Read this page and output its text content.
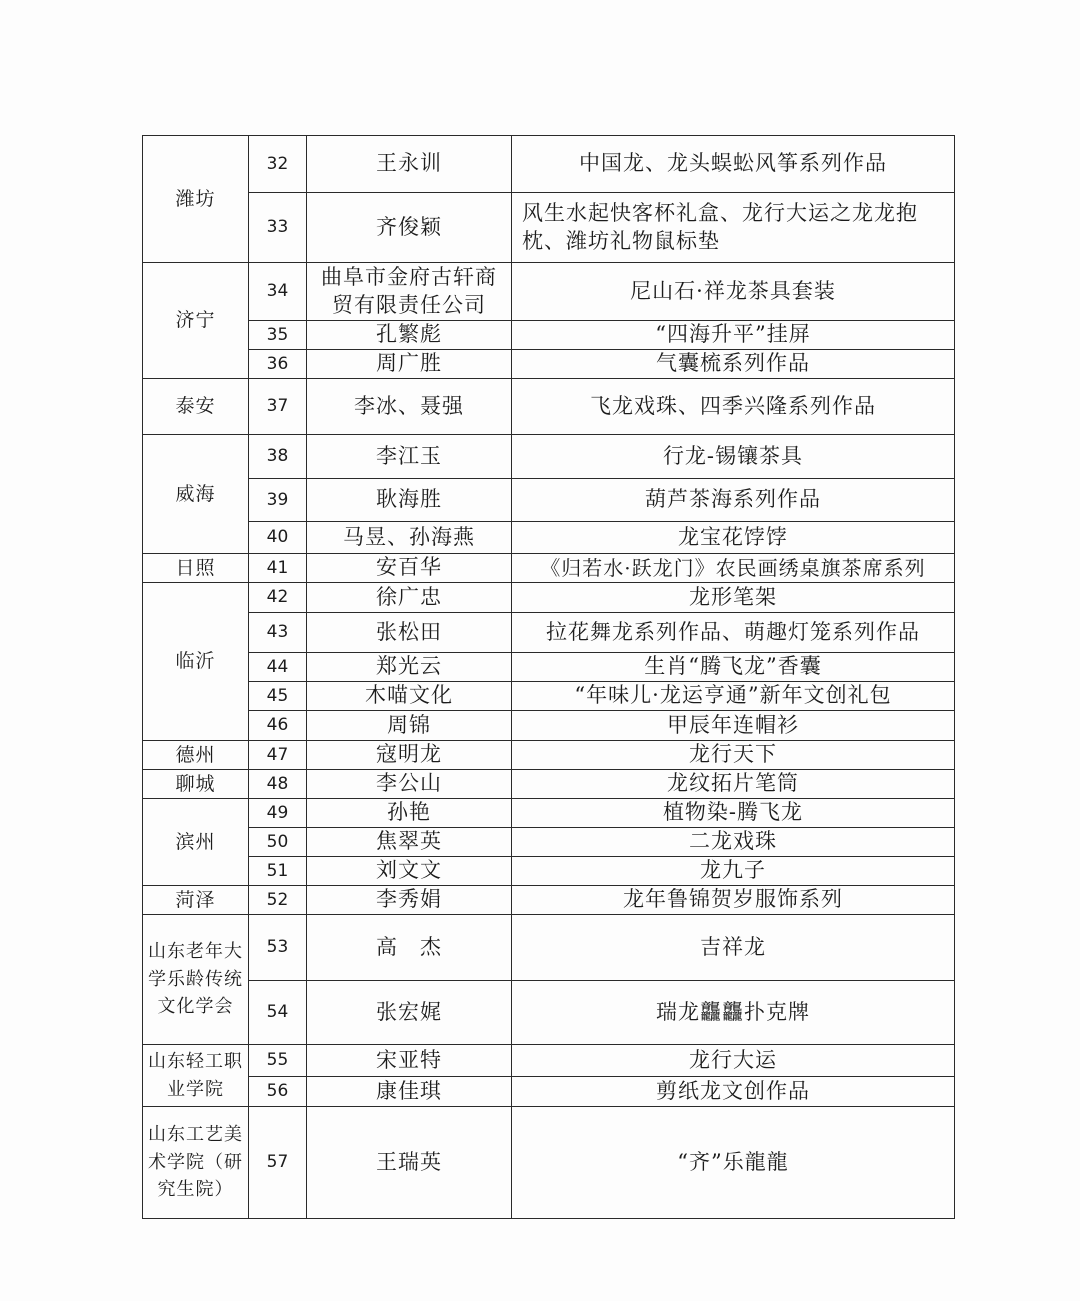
潍坊	32	王永训	中国龙、龙头蜈蚣风筝系列作品
	33	齐俊颖	风生水起快客杯礼盒、龙行大运之龙龙抱枕、潍坊礼物鼠标垫
济宁	34	曲阜市金府古轩商贸有限责任公司	尼山石·祥龙茶具套装
	35	孔繁彪	“四海升平”挂屏
	36	周广胜	气囊梳系列作品
泰安	37	李冰、聂强	飞龙戏珠、四季兴隆系列作品
威海	38	李江玉	行龙-锡镶茶具
	39	耿海胜	葫芦茶海系列作品
	40	马昱、孙海燕	龙宝花饽饽
日照	41	安百华	《归若水·跃龙门》农民画绣桌旗茶席系列
临沂	42	徐广忠	龙形笔架
	43	张松田	拉花舞龙系列作品、萌趣灯笼系列作品
	44	郑光云	生肖“腾飞龙”香囊
	45	木喵文化	“年味儿·龙运亨通”新年文创礼包
	46	周锦	甲辰年连帽衫
德州	47	寇明龙	龙行天下
聊城	48	李公山	龙纹拓片笔筒
滨州	49	孙艳	植物染-腾飞龙
	50	焦翠英	二龙戏珠
	51	刘文文	龙九子
菏泽	52	李秀娟	龙年鲁锦贺岁服饰系列
山东老年大学乐龄传统文化学会	53	高　杰	吉祥龙
	54	张宏娓	瑞龙龘龘扑克牌
山东轻工职业学院	55	宋亚特	龙行大运
	56	康佳琪	剪纸龙文创作品
山东工艺美术学院（研究生院）	57	王瑞英	“齐”乐龍龍
